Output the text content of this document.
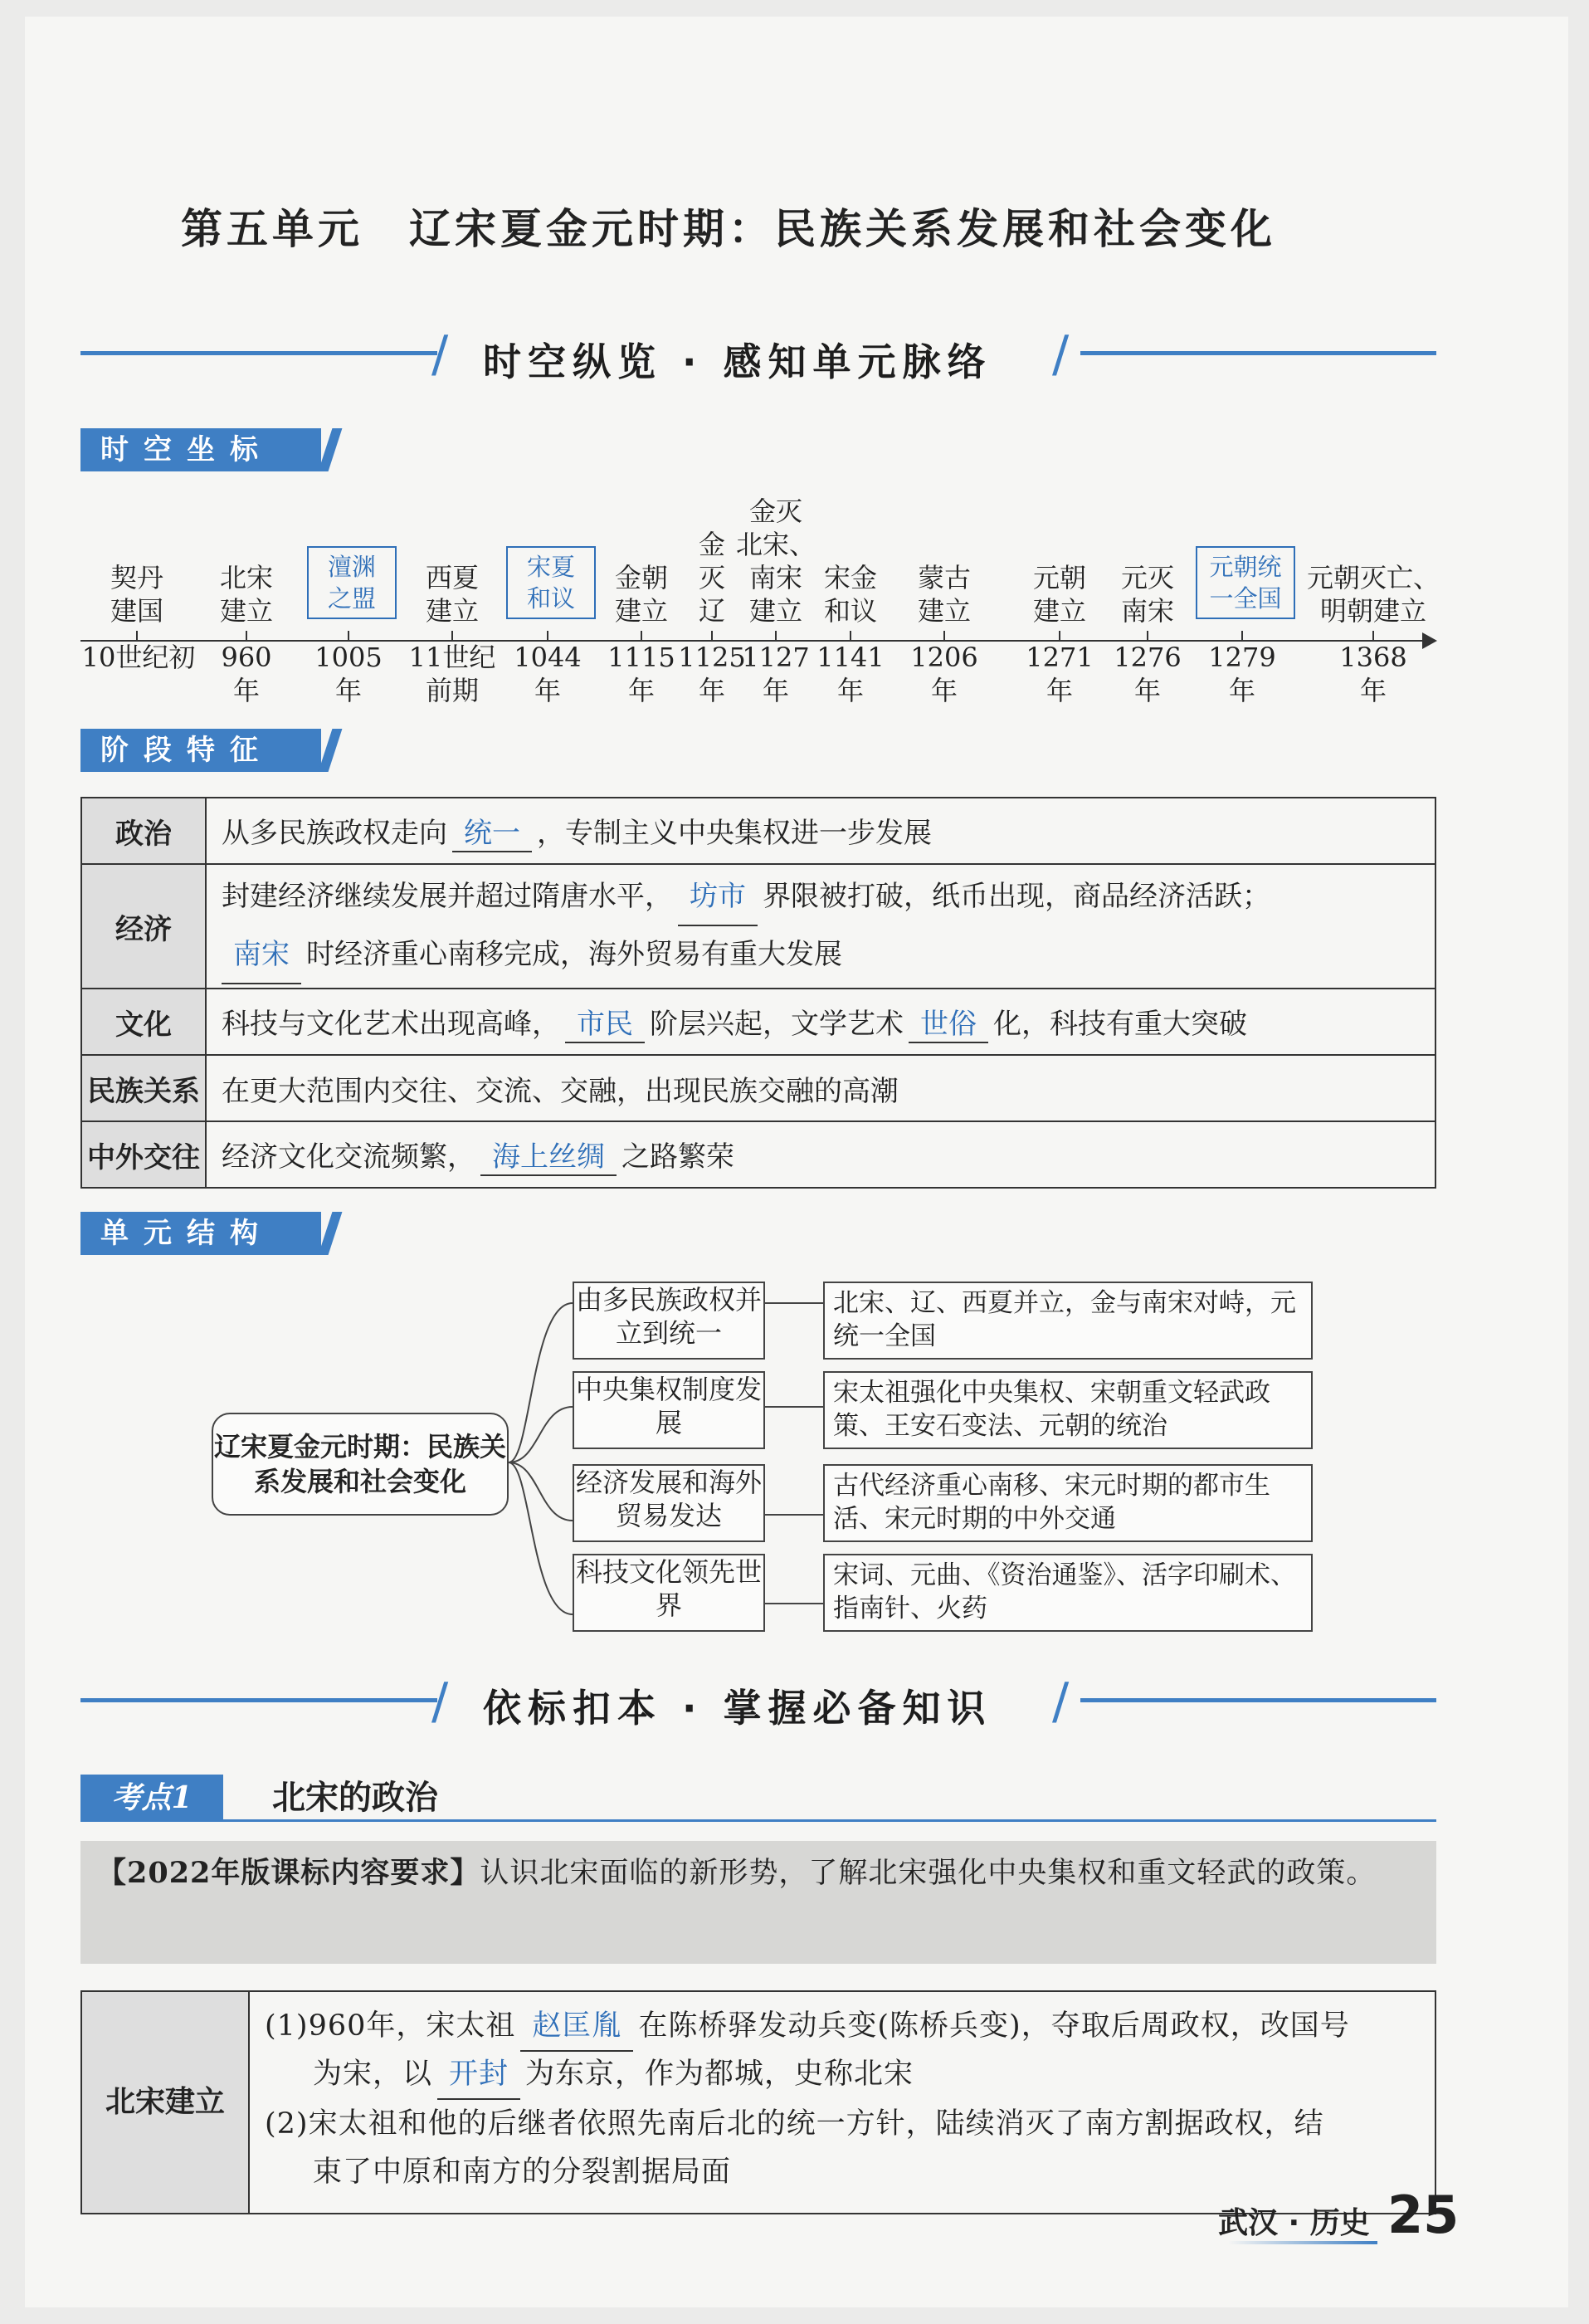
第五单元　辽宋夏金元时期：民族关系发展和社会变化
/ 时空纵览 · 感知单元脉络 /
时空坐标
契丹
建国
10世纪初
北宋
建立
960
年
澶渊
之盟
1005
年
西夏
建立
11世纪
前期
宋夏
和议
1044
年
金朝
建立
1115
年
金
灭
辽
1125
年
金灭
北宋、
南宋
建立
1127
年
宋金
和议
1141
年
蒙古
建立
1206
年
元朝
建立
1271
年
元灭
南宋
1276
年
元朝统
一全国
1279
年
元朝灭亡、
明朝建立
1368
年
阶段特征
政治	从多民族政权走向 统一 ，专制主义中央集权进一步发展
经济	封建经济继续发展并超过隋唐水平， 坊市 界限被打破，纸币出现，商品经济活跃；
南宋 时经济重心南移完成，海外贸易有重大发展
文化	科技与文化艺术出现高峰， 市民 阶层兴起，文学艺术 世俗 化，科技有重大突破
民族关系	在更大范围内交往、交流、交融，出现民族交融的高潮
中外交往	经济文化交流频繁， 海上丝绸 之路繁荣
单元结构
辽宋夏金元时期：民族关系发展和社会变化
由多民族政权并立到统一
中央集权制度发展
经济发展和海外贸易发达
科技文化领先世界
北宋、辽、西夏并立，金与南宋对峙，元统一全国
宋太祖强化中央集权、宋朝重文轻武政策、王安石变法、元朝的统治
古代经济重心南移、宋元时期的都市生活、宋元时期的中外交通
宋词、元曲、《资治通鉴》、活字印刷术、指南针、火药
/ 依标扣本 · 掌握必备知识 /
考点1	北宋的政治
【2022年版课标内容要求】认识北宋面临的新形势，了解北宋强化中央集权和重文轻武的政策。
北宋建立
(1)960年，宋太祖 赵匡胤 在陈桥驿发动兵变(陈桥兵变)，夺取后周政权，改国号
为宋，以 开封 为东京，作为都城，史称北宋
(2)宋太祖和他的后继者依照先南后北的统一方针，陆续消灭了南方割据政权，结
束了中原和南方的分裂割据局面
武汉 · 历史 25
